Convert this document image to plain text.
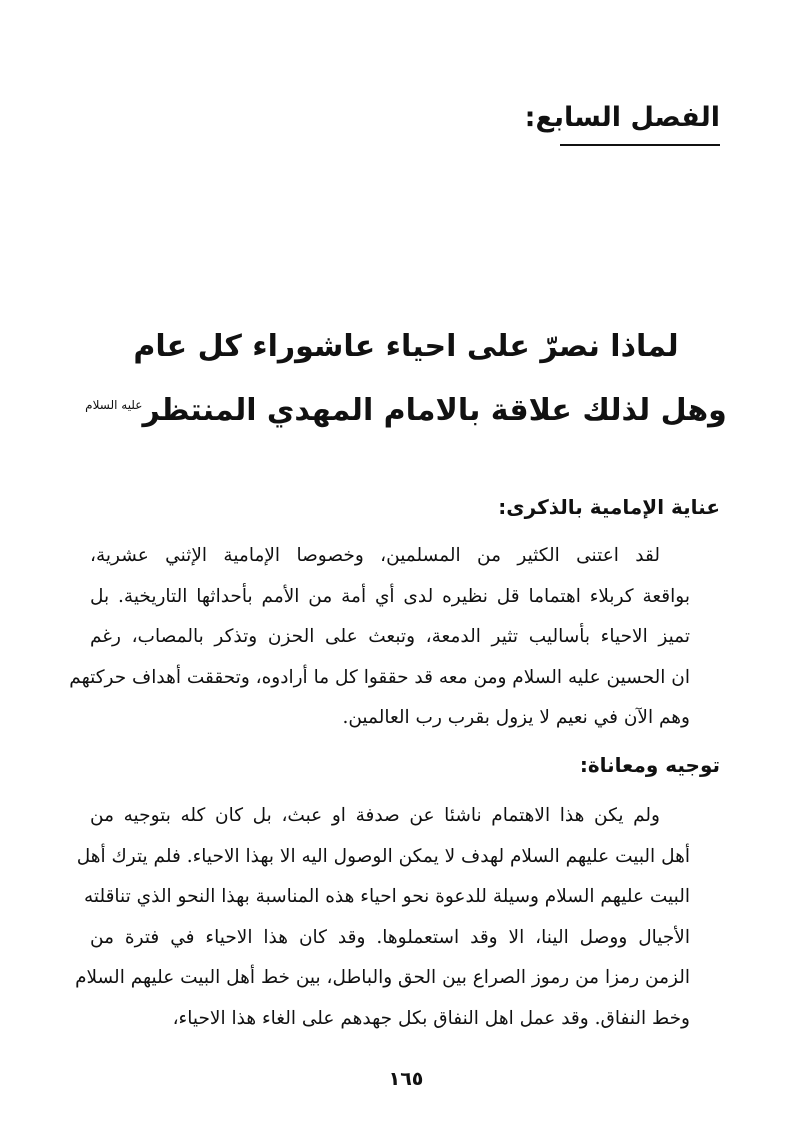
الفصل السابع:
لماذا نصرّ على احياء عاشوراء كل عام
وهل لذلك علاقة بالامام المهدي المنتظر$^{عليه السلام}$
عناية الإمامية بالذكرى:
لقد اعتنى الكثير من المسلمين، وخصوصا الإمامية الإثني عشرية،
بواقعة كربلاء اهتماما قل نظيره لدى أي أمة من الأمم بأحداثها التاريخية. بل
تميز الاحياء بأساليب تثير الدمعة، وتبعث على الحزن وتذكر بالمصاب، رغم
ان الحسين عليه السلام ومن معه قد حققوا كل ما أرادوه، وتحققت أهداف حركتهم
وهم الآن في نعيم لا يزول بقرب رب العالمين.
توجيه ومعاناة:
ولم يكن هذا الاهتمام ناشئا عن صدفة او عبث، بل كان كله بتوجيه من
أهل البيت عليهم السلام لهدف لا يمكن الوصول اليه الا بهذا الاحياء. فلم يترك أهل
البيت عليهم السلام وسيلة للدعوة نحو احياء هذه المناسبة بهذا النحو الذي تناقلته
الأجيال ووصل الينا، الا وقد استعملوها. وقد كان هذا الاحياء في فترة من
الزمن رمزا من رموز الصراع بين الحق والباطل، بين خط أهل البيت عليهم السلام
وخط النفاق. وقد عمل اهل النفاق بكل جهدهم على الغاء هذا الاحياء،
١٦٥
